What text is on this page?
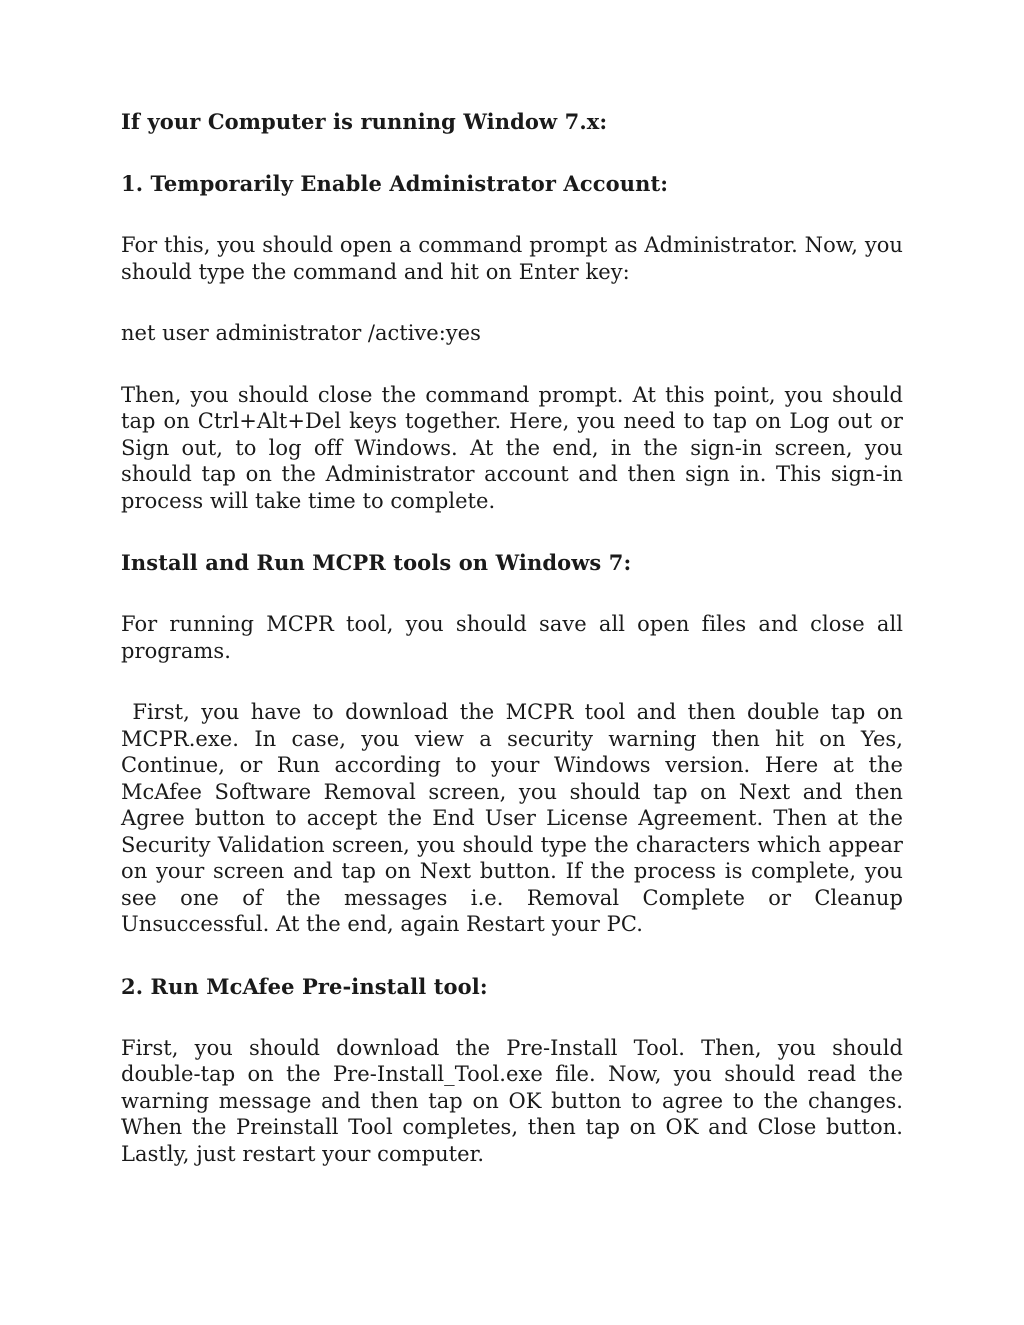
If your Computer is running Window 7.x:

1. Temporarily Enable Administrator Account:

For this, you should open a command prompt as Administrator. Now, you should type the command and hit on Enter key:

net user administrator /active:yes

Then, you should close the command prompt. At this point, you should tap on Ctrl+Alt+Del keys together. Here, you need to tap on Log out or Sign out, to log off Windows. At the end, in the sign-in screen, you should tap on the Administrator account and then sign in. This sign-in process will take time to complete.

Install and Run MCPR tools on Windows 7:

For running MCPR tool, you should save all open files and close all programs.

First, you have to download the MCPR tool and then double tap on MCPR.exe. In case, you view a security warning then hit on Yes, Continue, or Run according to your Windows version. Here at the McAfee Software Removal screen, you should tap on Next and then Agree button to accept the End User License Agreement. Then at the Security Validation screen, you should type the characters which appear on your screen and tap on Next button. If the process is complete, you see one of the messages i.e. Removal Complete or Cleanup Unsuccessful. At the end, again Restart your PC.

2. Run McAfee Pre-install tool:

First, you should download the Pre-Install Tool. Then, you should double-tap on the Pre-Install_Tool.exe file. Now, you should read the warning message and then tap on OK button to agree to the changes. When the Preinstall Tool completes, then tap on OK and Close button. Lastly, just restart your computer.
